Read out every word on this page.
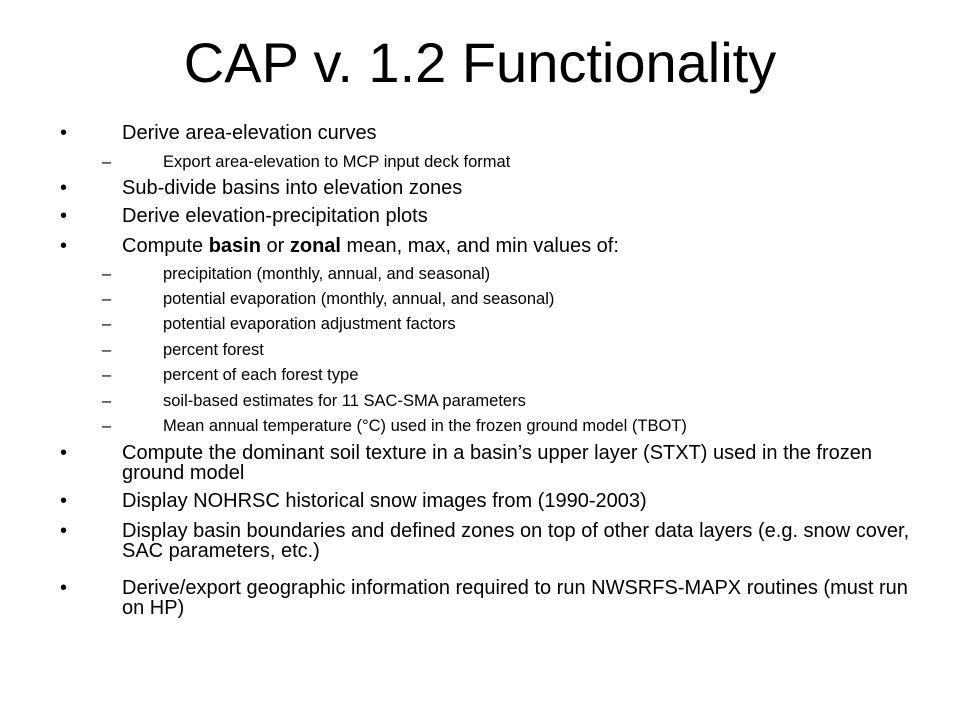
CAP v. 1.2 Functionality
•	Derive area-elevation curves
–	Export area-elevation to MCP input deck format
•	Sub-divide basins into elevation zones
•	Derive elevation-precipitation plots
•	Compute basin or zonal mean, max, and min values of:
–	precipitation (monthly, annual, and seasonal)
–	potential evaporation (monthly, annual, and seasonal)
–	potential evaporation adjustment factors
–	percent forest
–	percent of each forest type
–	soil-based estimates for 11 SAC-SMA parameters
–	Mean annual temperature (°C) used in the frozen ground model (TBOT)
•	Compute the dominant soil texture in a basin’s upper layer (STXT) used in the frozen ground model
•	Display NOHRSC historical snow images from (1990-2003)
•	Display basin boundaries and defined zones on top of other data layers (e.g. snow cover, SAC parameters, etc.)
•	Derive/export geographic information required to run NWSRFS-MAPX routines (must run on HP)
